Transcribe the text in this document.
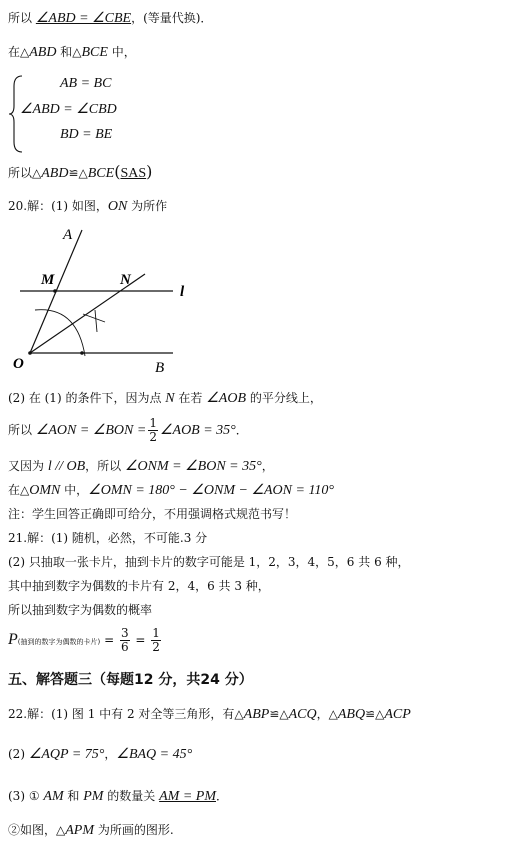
所以 ∠ABD = ∠CBE，(等量代换)．
在△ABD 和△BCE 中，
AB = BC
∠ABD = ∠CBD
BD = BE
所以△ABD≌△BCE(SAS)
20.解：(1) 如图，ON 为所作
A
M	N
l
O	B
(2) 在 (1) 的条件下，因为点 N 在若 ∠AOB 的平分线上，
所以 ∠AON = ∠BON = $\frac{1}{2}$ ∠AOB = 35°．
又因为 l // OB，所以 ∠ONM = ∠BON = 35°，
在△OMN 中，∠OMN = 180° − ∠ONM − ∠AON = 110°
注：学生回答正确即可给分，不用强调格式规范书写！
21.解：(1) 随机，必然，不可能.3 分
(2) 只抽取一张卡片，抽到卡片的数字可能是 1，2，3，4，5，6 共 6 种，
其中抽到数字为偶数的卡片有 2，4，6 共 3 种，
所以抽到数字为偶数的概率
P(抽到的数字为偶数的卡片) = $\frac{3}{6} = \frac{1}{2}$
五、解答题三（每题12 分，共24 分）
22.解：(1) 图 1 中有 2 对全等三角形，有△ABP≌△ACQ，△ABQ≌△ACP
(2) ∠AQP = 75°，∠BAQ = 45°
(3) ① AM 和 PM 的数量关 AM = PM．
②如图，△APM 为所画的图形.
